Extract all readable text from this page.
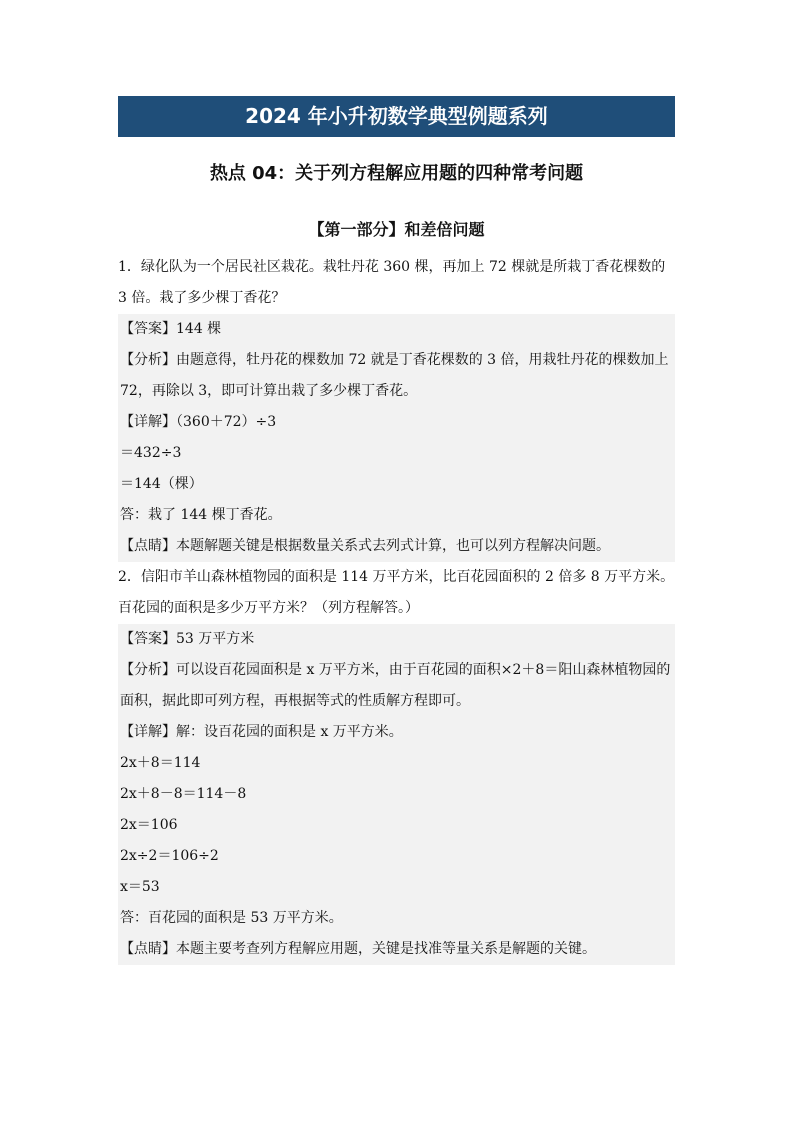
2024 年小升初数学典型例题系列
热点 04：关于列方程解应用题的四种常考问题
【第一部分】和差倍问题

1．绿化队为一个居民社区栽花。栽牡丹花 360 棵，再加上 72 棵就是所栽丁香花棵数的 3 倍。栽了多少棵丁香花？

【答案】144 棵

【分析】由题意得，牡丹花的棵数加 72 就是丁香花棵数的 3 倍，用栽牡丹花的棵数加上 72，再除以 3，即可计算出栽了多少棵丁香花。

【详解】（360＋72）÷3

＝432÷3

＝144（棵）

答：栽了 144 棵丁香花。

【点睛】本题解题关键是根据数量关系式去列式计算，也可以列方程解决问题。

2．信阳市羊山森林植物园的面积是 114 万平方米，比百花园面积的 2 倍多 8 万平方米。百花园的面积是多少万平方米？（列方程解答。）

【答案】53 万平方米

【分析】可以设百花园面积是 x 万平方米，由于百花园的面积×2＋8＝阳山森林植物园的面积，据此即可列方程，再根据等式的性质解方程即可。

【详解】解：设百花园的面积是 x 万平方米。

2x＋8＝114

2x＋8－8＝114－8

2x＝106

2x÷2＝106÷2

x＝53

答：百花园的面积是 53 万平方米。

【点睛】本题主要考查列方程解应用题，关键是找准等量关系是解题的关键。
